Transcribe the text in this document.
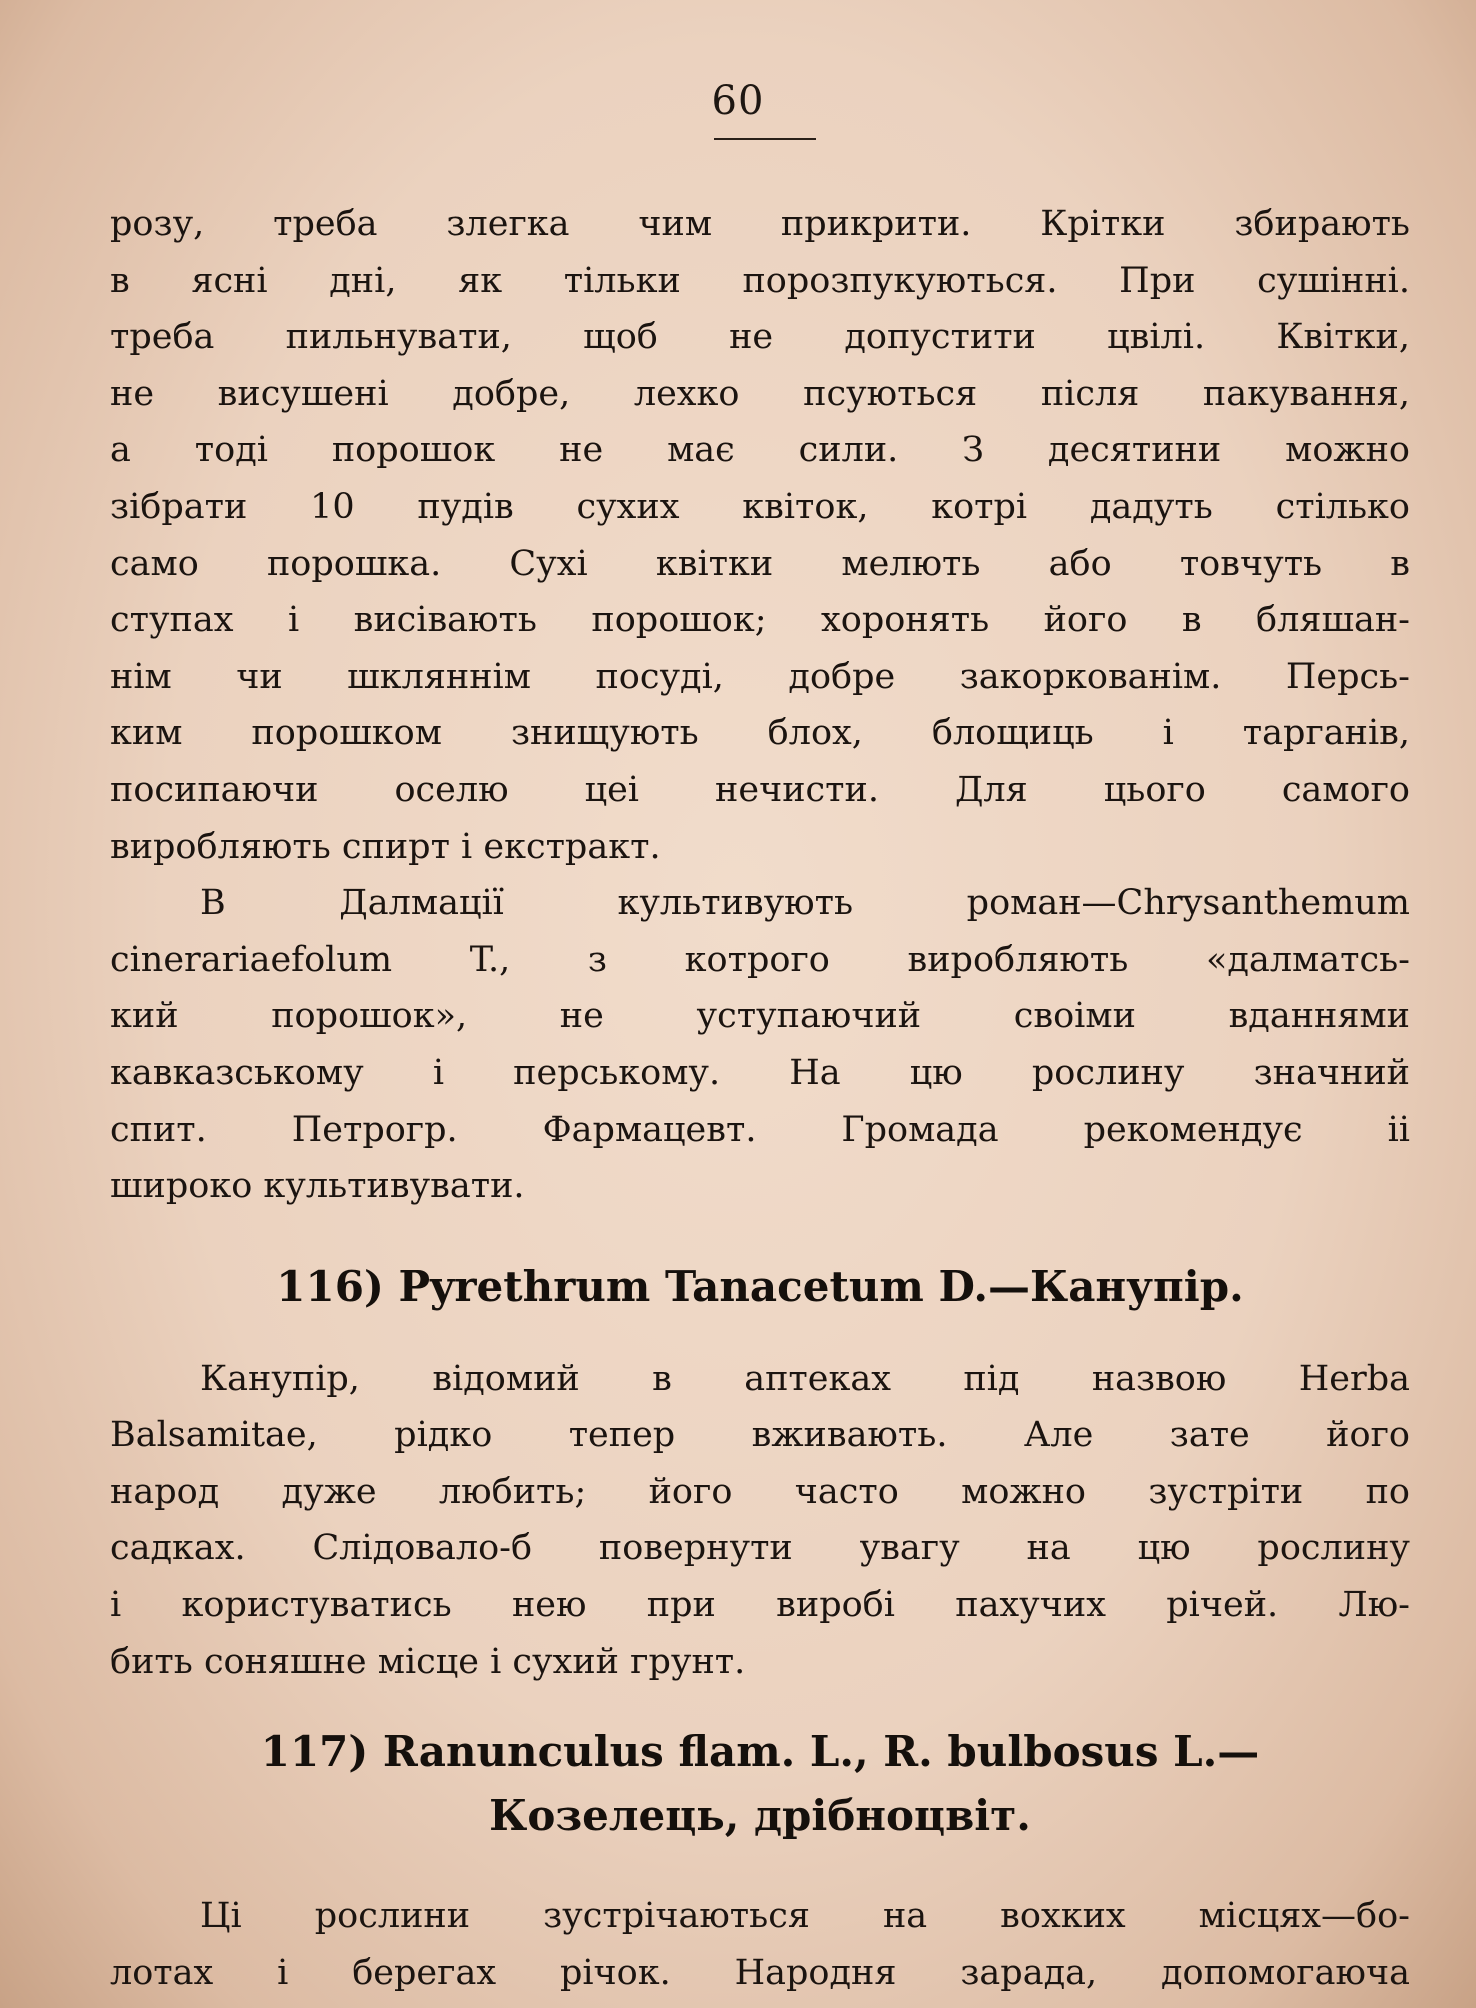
60
розу, треба злегка чим прикрити. Крітки збирають
в ясні дні, як тільки порозпукуються. При сушінні.
треба пильнувати, щоб не допустити цвілі. Квітки,
не висушені добре, лехко псуються після пакування,
а тоді порошок не має сили. З десятини можно
зібрати 10 пудів сухих квіток, котрі дадуть стілько
само порошка. Сухі квітки мелють або товчуть в
ступах і висівають порошок; хоронять його в бляшан-
нім чи шкляннім посуді, добре закоркованім. Персь-
ким порошком знищують блох, блощиць і тарганів,
посипаючи оселю цеі нечисти. Для цього самого
виробляють спирт і екстракт.
В Далмації культивують роман—Chrysanthemum
cinerariaefolum T., з котрого виробляють «далматсь-
кий порошок», не уступаючий своіми вданнями
кавказському і перському. На цю рослину значний
спит. Петрогр. Фармацевт. Громада рекомендує іі
широко культивувати.
116) Pyrethrum Tanacetum D.—Канупір.
Канупір, відомий в аптеках під назвою Herba
Balsamitae, рідко тепер вживають. Але зате його
народ дуже любить; його часто можно зустріти по
садках. Слідовало-б повернути увагу на цю рослину
і користуватись нею при виробі пахучих річей. Лю-
бить соняшне місце і сухий грунт.
117) Ranunculus flam. L., R. bulbosus L.—
Козелець, дрібноцвіт.
Ці рослини зустрічаються на вохких місцях—бо-
лотах і берегах річок. Народня зарада, допомогаюча
